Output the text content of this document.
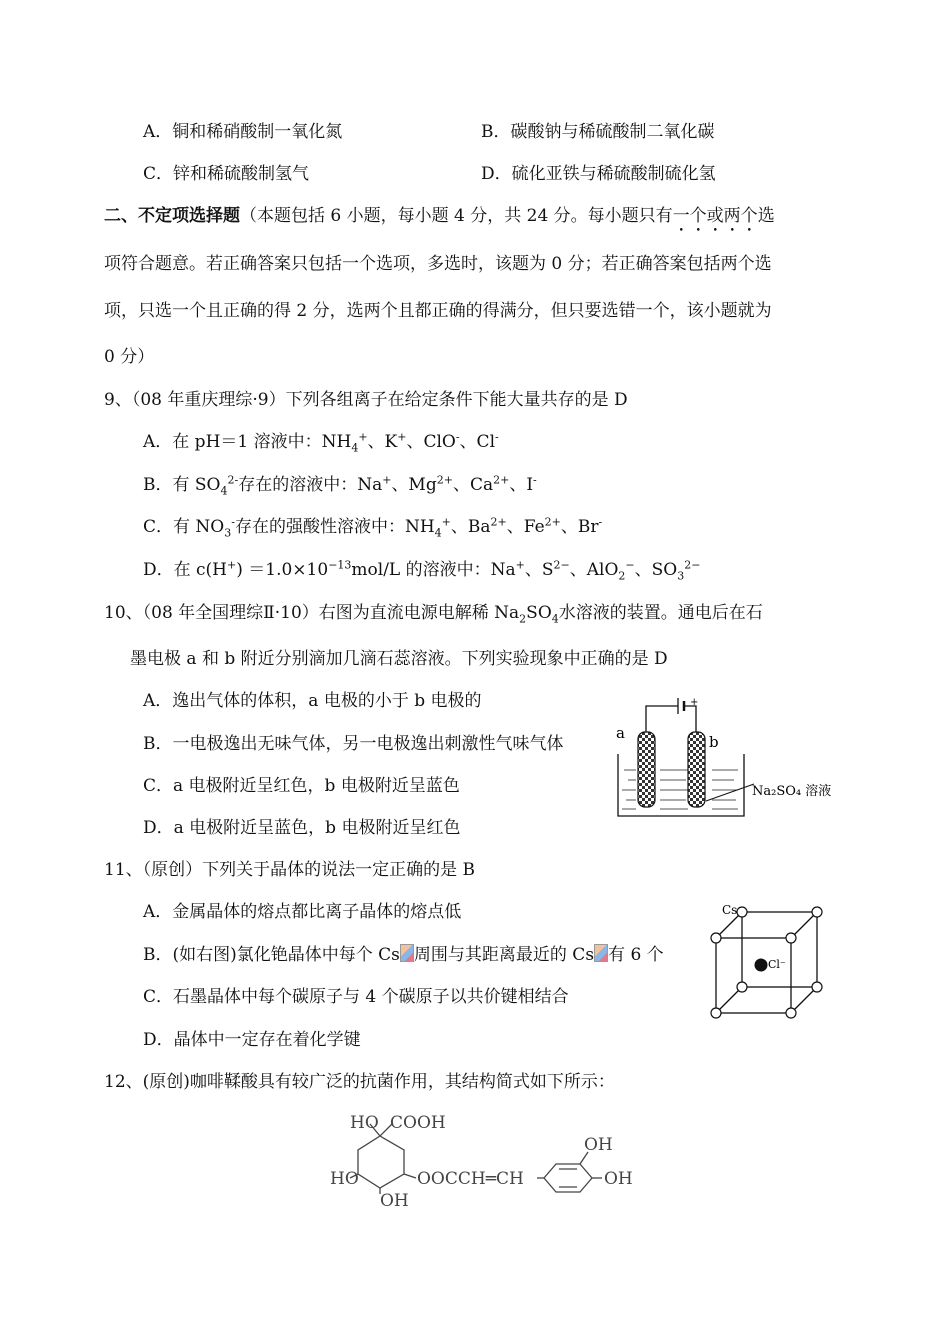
A．铜和稀硝酸制一氧化氮	B．碳酸钠与稀硫酸制二氧化碳
C．锌和稀硫酸制氢气	D．硫化亚铁与稀硫酸制硫化氢
二、不定项选择题（本题包括 6 小题，每小题 4 分，共 24 分。每小题只有一个或两个选
项符合题意。若正确答案只包括一个选项，多选时，该题为 0 分；若正确答案包括两个选
项，只选一个且正确的得 2 分，选两个且都正确的得满分，但只要选错一个，该小题就为
0 分）
9、（08 年重庆理综·9）下列各组离子在给定条件下能大量共存的是 D
A．在 pH＝1 溶液中：$NH_4^+$、K+、ClO-、Cl-
B．有 $SO_4^{2-}$存在的溶液中：Na+、$Mg^{2+}$、$Ca^{2+}$、I-
C．有 $NO_3^-$存在的强酸性溶液中：$NH_4^+$、$Ba^{2+}$、$Fe^{2+}$、Br-
D．在 $c(H^+) =1.0\times 10^{-13}mol/L$ 的溶液中：Na+、$S^{2-}$、AlO$_2$−、$SO_3^{2-}$
10、（08 年全国理综Ⅱ·10）右图为直流电源电解稀 $Na_2SO_4$水溶液的装置。通电后在石
墨电极 a 和 b 附近分别滴加几滴石蕊溶液。下列实验现象中正确的是 D
A．逸出气体的体积，a 电极的小于 b 电极的
B．一电极逸出无味气体，另一电极逸出刺激性气味气体
C．a 电极附近呈红色，b 电极附近呈蓝色
D．a 电极附近呈蓝色，b 电极附近呈红色
+
a	b
Na₂SO₄ 溶液
11、（原创）下列关于晶体的说法一定正确的是 B
A．金属晶体的熔点都比离子晶体的熔点低
B．(如右图)氯化铯晶体中每个 Cs 周围与其距离最近的 Cs 有 6 个
C．石墨晶体中每个碳原子与 4 个碳原子以共价键相结合
D．晶体中一定存在着化学键
Cs
Cl⁻
12、(原创)咖啡鞣酸具有较广泛的抗菌作用，其结构简式如下所示：
HO COOH
HO
OH
OOCCH═CH
OH
OH
